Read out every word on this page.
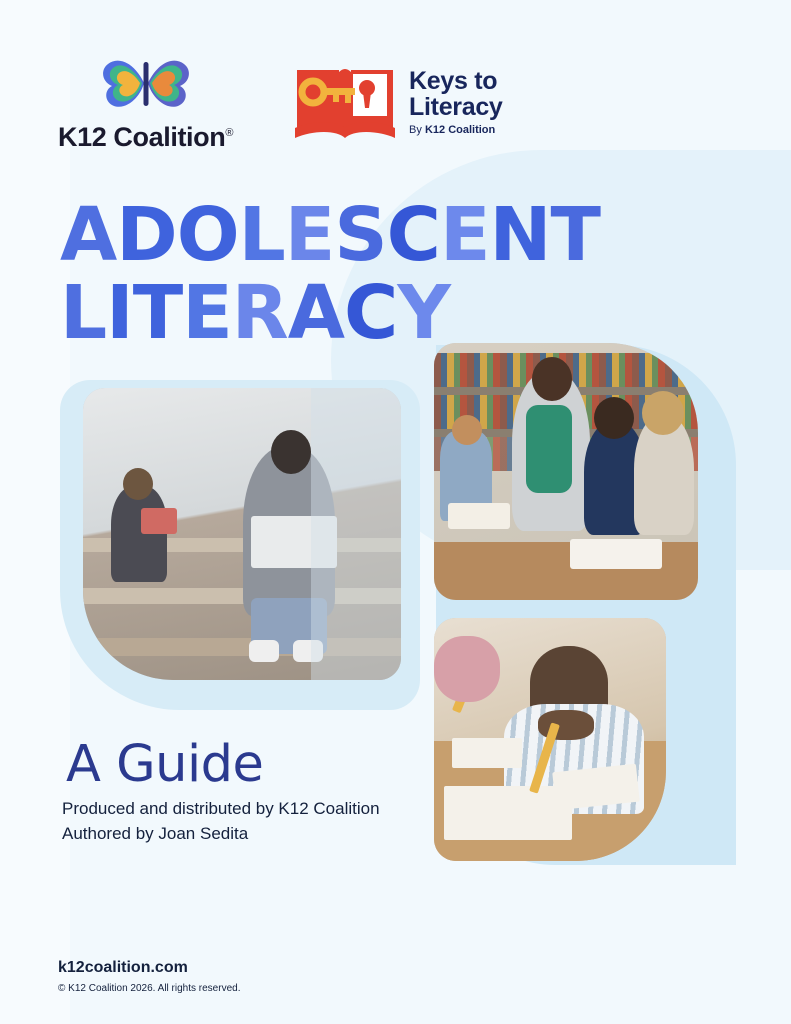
K12 Coalition®
Keys to
Literacy
By K12 Coalition
ADOLESCENT
LITERACY
A Guide
Produced and distributed by K12 Coalition
Authored by Joan Sedita
k12coalition.com
© K12 Coalition 2026. All rights reserved.
